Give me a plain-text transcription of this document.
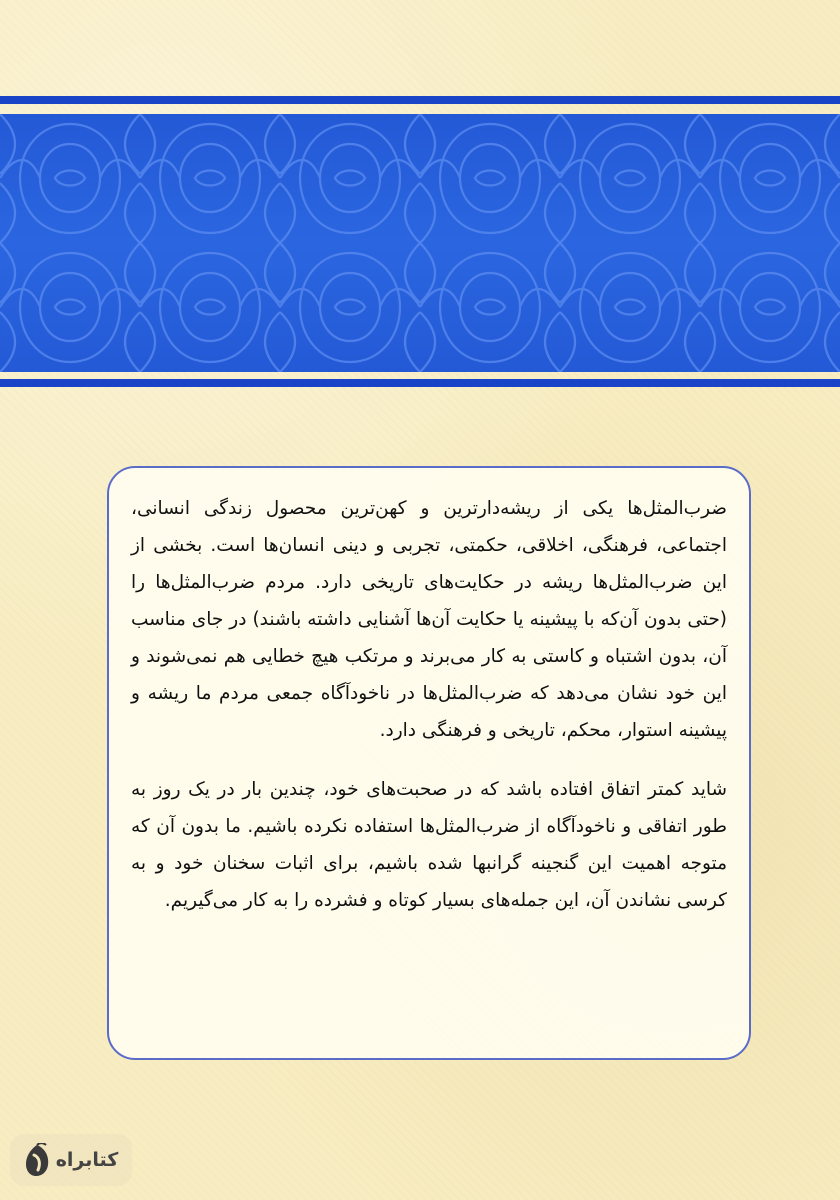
ضرب‌المثل‌ها یکی از ریشه‌دارترین و کهن‌ترین محصول زندگی انسانی، اجتماعی، فرهنگی، اخلاقی، حکمتی، تجربی و دینی انسان‌ها است. بخشی از این ضرب‌المثل‌ها ریشه در حکایت‌های تاریخی دارد. مردم ضرب‌المثل‌ها را (حتی بدون آن‌که با پیشینه یا حکایت آن‌ها آشنایی داشته باشند) در جای مناسب آن، بدون اشتباه و کاستی به کار می‌برند و مرتکب هیچ خطایی هم نمی‌شوند و این خود نشان می‌دهد که ضرب‌المثل‌ها در ناخودآگاه جمعی مردم ما ریشه و پیشینه استوار، محکم، تاریخی و فرهنگی دارد.

شاید کمتر اتفاق افتاده باشد که در صحبت‌های خود، چندین بار در یک روز به طور اتفاقی و ناخودآگاه از ضرب‌المثل‌ها استفاده نکرده باشیم. ما بدون آن که متوجه اهمیت این گنجینه گرانبها شده باشیم، برای اثبات سخنان خود و به کرسی نشاندن آن، این جمله‌های بسیار کوتاه و فشرده را به کار می‌گیریم.

کتابراه
